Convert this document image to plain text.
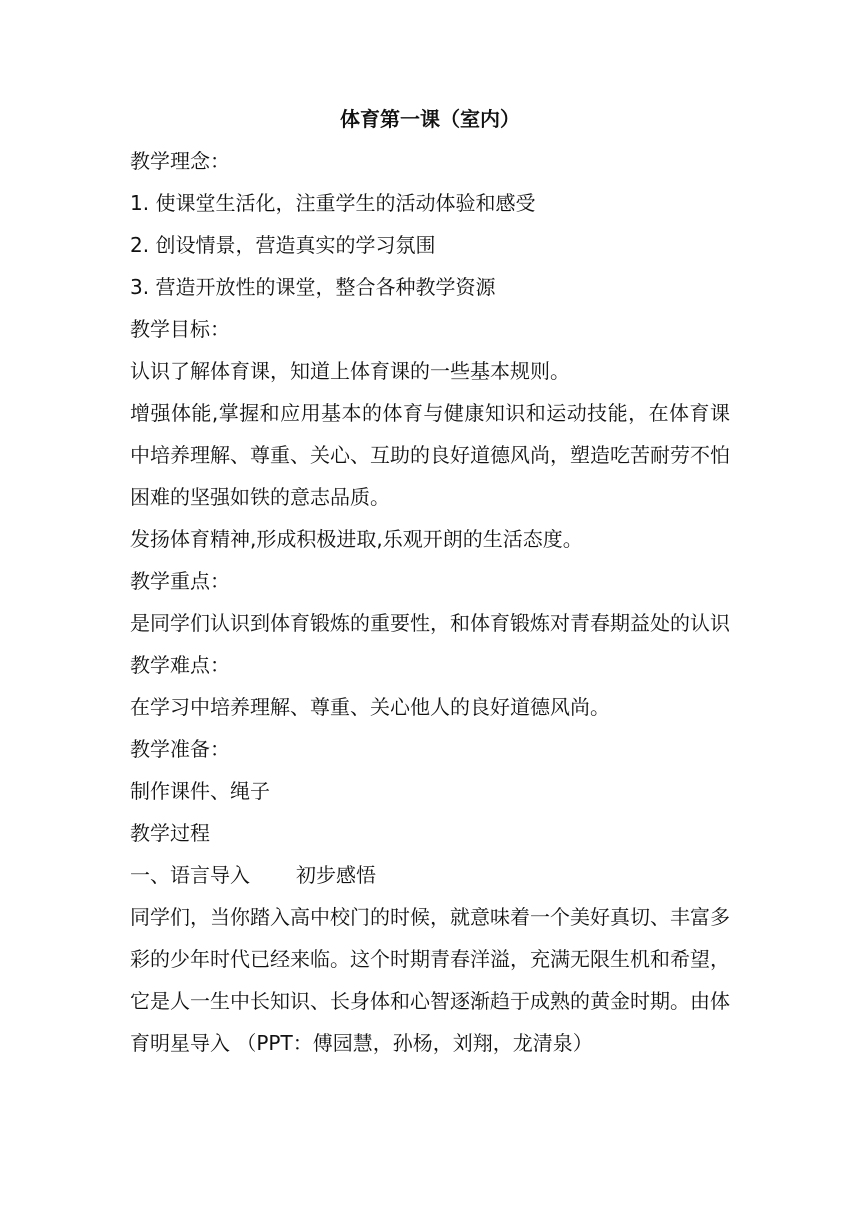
体育第一课（室内）

教学理念：

1. 使课堂生活化，注重学生的活动体验和感受

2. 创设情景，营造真实的学习氛围

3. 营造开放性的课堂，整合各种教学资源

教学目标：

认识了解体育课，知道上体育课的一些基本规则。

增强体能,掌握和应用基本的体育与健康知识和运动技能，在体育课中培养理解、尊重、关心、互助的良好道德风尚，塑造吃苦耐劳不怕困难的坚强如铁的意志品质。

发扬体育精神,形成积极进取,乐观开朗的生活态度。

教学重点：

是同学们认识到体育锻炼的重要性，和体育锻炼对青春期益处的认识

教学难点：

在学习中培养理解、尊重、关心他人的良好道德风尚。

教学准备：

制作课件、绳子

教学过程

一、语言导入 初步感悟

同学们，当你踏入高中校门的时候，就意味着一个美好真切、丰富多彩的少年时代已经来临。这个时期青春洋溢，充满无限生机和希望，它是人一生中长知识、长身体和心智逐渐趋于成熟的黄金时期。由体育明星导入 （PPT：傅园慧，孙杨，刘翔，龙清泉）
